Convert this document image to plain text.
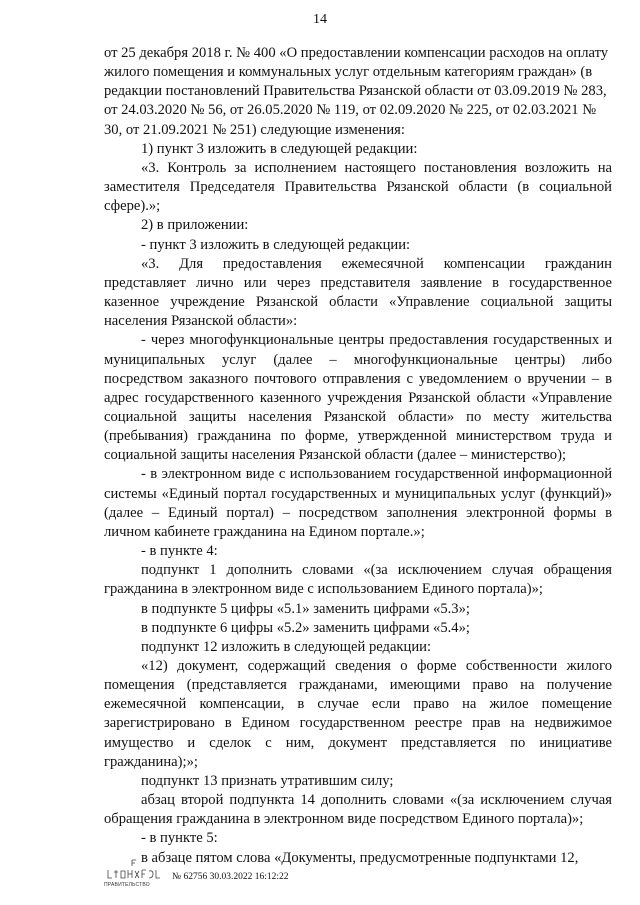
14

от 25 декабря 2018 г. № 400 «О предоставлении компенсации расходов на оплату жилого помещения и коммунальных услуг отдельным категориям граждан» (в редакции постановлений Правительства Рязанской области от 03.09.2019 № 283, от 24.03.2020 № 56, от 26.05.2020 № 119, от 02.09.2020 № 225, от 02.03.2021 № 30, от 21.09.2021 № 251) следующие изменения:

1) пункт 3 изложить в следующей редакции:

«3. Контроль за исполнением настоящего постановления возложить на заместителя Председателя Правительства Рязанской области (в социальной сфере).»;

2) в приложении:

- пункт 3 изложить в следующей редакции:

«3. Для предоставления ежемесячной компенсации гражданин представляет лично или через представителя заявление в государственное казенное учреждение Рязанской области «Управление социальной защиты населения Рязанской области»:

- через многофункциональные центры предоставления государственных и муниципальных услуг (далее – многофункциональные центры) либо посредством заказного почтового отправления с уведомлением о вручении – в адрес государственного казенного учреждения Рязанской области «Управление социальной защиты населения Рязанской области» по месту жительства (пребывания) гражданина по форме, утвержденной министерством труда и социальной защиты населения Рязанской области (далее – министерство);

- в электронном виде с использованием государственной информационной системы «Единый портал государственных и муниципальных услуг (функций)» (далее – Единый портал) – посредством заполнения электронной формы в личном кабинете гражданина на Едином портале.»;

- в пункте 4:

подпункт 1 дополнить словами «(за исключением случая обращения гражданина в электронном виде с использованием Единого портала)»;

в подпункте 5 цифры «5.1» заменить цифрами «5.3»;

в подпункте 6 цифры «5.2» заменить цифрами «5.4»;

подпункт 12 изложить в следующей редакции:

«12) документ, содержащий сведения о форме собственности жилого помещения (представляется гражданами, имеющими право на получение ежемесячной компенсации, в случае если право на жилое помещение зарегистрировано в Едином государственном реестре прав на недвижимое имущество и сделок с ним, документ представляется по инициативе гражданина);»;

подпункт 13 признать утратившим силу;

абзац второй подпункта 14 дополнить словами «(за исключением случая обращения гражданина в электронном виде посредством Единого портала)»;

- в пункте 5:

в абзаце пятом слова «Документы, предусмотренные подпунктами 12,

ПРАВИТЕЛЬСТВО
№ 62756 30.03.2022 16:12:22
